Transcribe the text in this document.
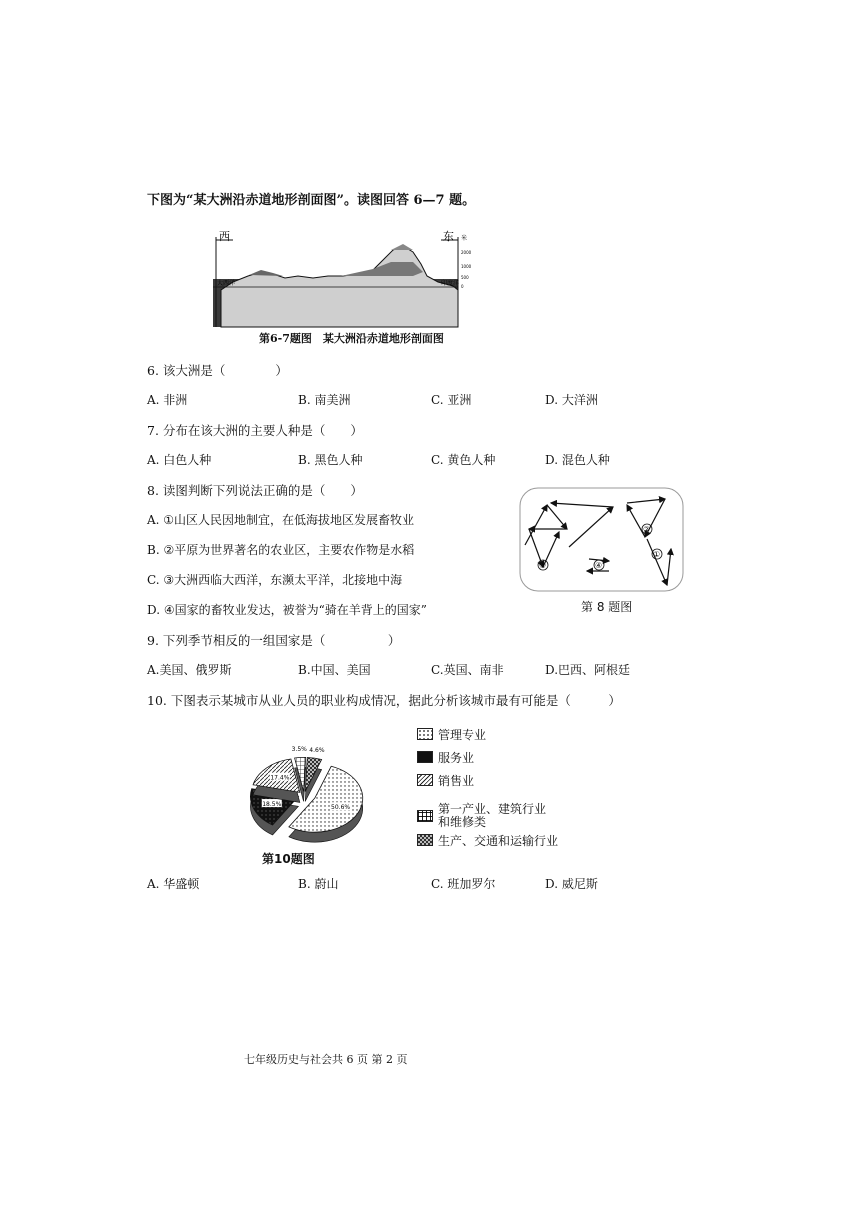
下图为“某大洲沿赤道地形剖面图”。读图回答 6—7 题。
西	东 米
2000
1000
500
0
大西洋	印度洋
第6-7题图　某大洲沿赤道地形剖面图
6. 该大洲是（　　　　）
A. 非洲	B. 南美洲	C. 亚洲	D. 大洋洲
7. 分布在该大洲的主要人种是（　　）
A. 白色人种	B. 黑色人种	C. 黄色人种	D. 混色人种
8. 读图判断下列说法正确的是（　　）
A. ①山区人民因地制宜，在低海拔地区发展畜牧业
B. ②平原为世界著名的农业区，主要农作物是水稻
C. ③大洲西临大西洋，东濒太平洋，北接地中海
D. ④国家的畜牧业发达，被誉为“骑在羊背上的国家”
②
①
③	④
第 8 题图
9. 下列季节相反的一组国家是（　　　　　）
A.美国、俄罗斯	B.中国、美国	C.英国、南非	D.巴西、阿根廷
10. 下图表示某城市从业人员的职业构成情况，据此分析该城市最有可能是（　　　）
50.6%
18.5%
17.4%
3.5% 4.6%
第10题图
管理专业
服务业
销售业
第一产业、建筑行业
和维修类
生产、交通和运输行业
A. 华盛顿	B. 蔚山	C. 班加罗尔	D. 威尼斯
七年级历史与社会共 6 页 第 2 页
